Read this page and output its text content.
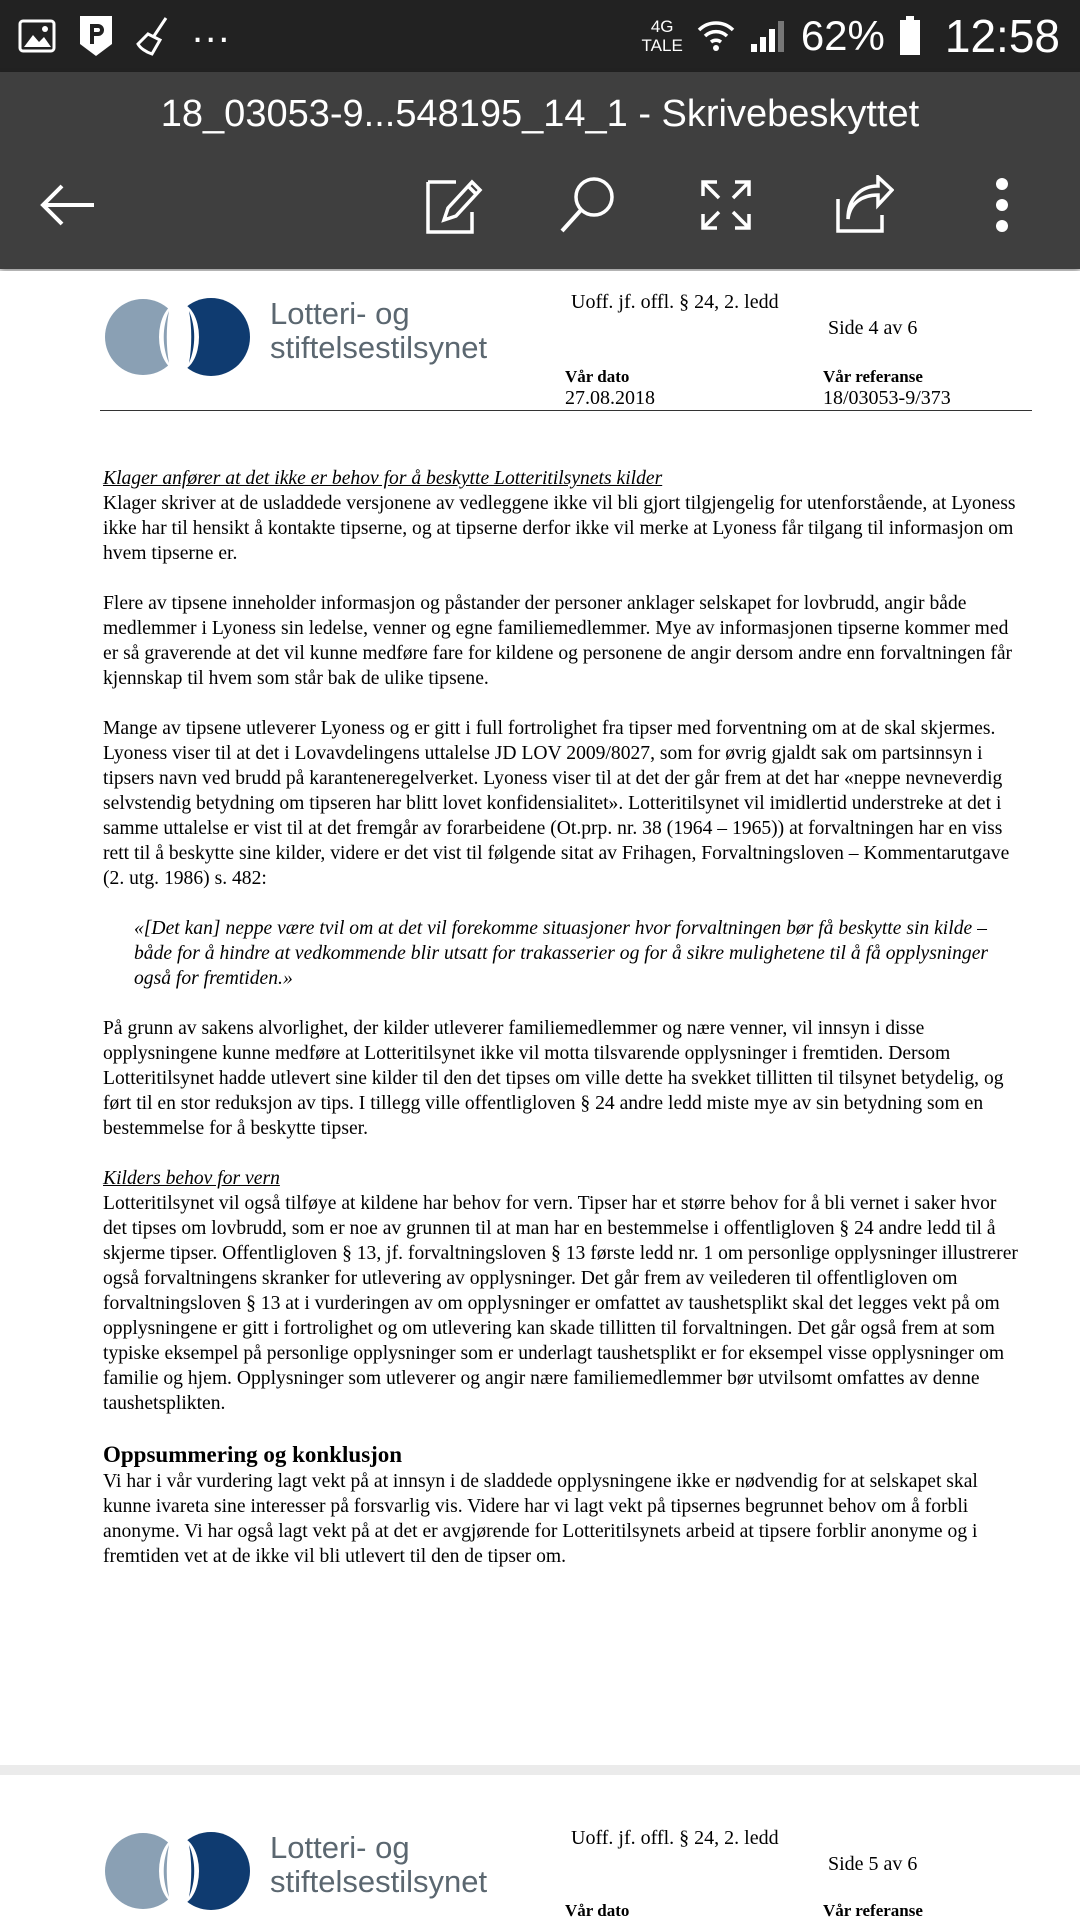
...	4G
TALE	62% 12:58
18_03053-9...548195_14_1 - Skrivebeskyttet
Lotteri- og
stiftelsestilsynet
Uoff. jf. offl. § 24, 2. ledd
Side 4 av 6
Vår dato
27.08.2018
Vår referanse
18/03053-9/373
Klager anfører at det ikke er behov for å beskytte Lotteritilsynets kilder

Klager skriver at de usladdede versjonene av vedleggene ikke vil bli gjort tilgjengelig for utenforstående, at Lyoness ikke har til hensikt å kontakte tipserne, og at tipserne derfor ikke vil merke at Lyoness får tilgang til informasjon om hvem tipserne er.

Flere av tipsene inneholder informasjon og påstander der personer anklager selskapet for lovbrudd, angir både medlemmer i Lyoness sin ledelse, venner og egne familiemedlemmer. Mye av informasjonen tipserne kommer med er så graverende at det vil kunne medføre fare for kildene og personene de angir dersom andre enn forvaltningen får kjennskap til hvem som står bak de ulike tipsene.

Mange av tipsene utleverer Lyoness og er gitt i full fortrolighet fra tipser med forventning om at de skal skjermes. Lyoness viser til at det i Lovavdelingens uttalelse JD LOV 2009/8027, som for øvrig gjaldt sak om partsinnsyn i tipsers navn ved brudd på karanteneregelverket. Lyoness viser til at det der går frem at det har «neppe nevneverdig selvstendig betydning om tipseren har blitt lovet konfidensialitet». Lotteritilsynet vil imidlertid understreke at det i samme uttalelse er vist til at det fremgår av forarbeidene (Ot.prp. nr. 38 (1964 – 1965)) at forvaltningen har en viss rett til å beskytte sine kilder, videre er det vist til følgende sitat av Frihagen, Forvaltningsloven – Kommentarutgave (2. utg. 1986) s. 482:

«[Det kan] neppe være tvil om at det vil forekomme situasjoner hvor forvaltningen bør få beskytte sin kilde – både for å hindre at vedkommende blir utsatt for trakasserier og for å sikre mulighetene til å få opplysninger også for fremtiden.»

På grunn av sakens alvorlighet, der kilder utleverer familiemedlemmer og nære venner, vil innsyn i disse opplysningene kunne medføre at Lotteritilsynet ikke vil motta tilsvarende opplysninger i fremtiden. Dersom Lotteritilsynet hadde utlevert sine kilder til den det tipses om ville dette ha svekket tillitten til tilsynet betydelig, og ført til en stor reduksjon av tips. I tillegg ville offentligloven § 24 andre ledd miste mye av sin betydning som en bestemmelse for å beskytte tipser.

Kilders behov for vern

Lotteritilsynet vil også tilføye at kildene har behov for vern. Tipser har et større behov for å bli vernet i saker hvor det tipses om lovbrudd, som er noe av grunnen til at man har en bestemmelse i offentligloven § 24 andre ledd til å skjerme tipser. Offentligloven § 13, jf. forvaltningsloven § 13 første ledd nr. 1 om personlige opplysninger illustrerer også forvaltningens skranker for utlevering av opplysninger. Det går frem av veilederen til offentligloven om forvaltningsloven § 13 at i vurderingen av om opplysninger er omfattet av taushetsplikt skal det legges vekt på om opplysningene er gitt i fortrolighet og om utlevering kan skade tillitten til forvaltningen. Det går også frem at som typiske eksempel på personlige opplysninger som er underlagt taushetsplikt er for eksempel visse opplysninger om familie og hjem. Opplysninger som utleverer og angir nære familiemedlemmer bør utvilsomt omfattes av denne taushetsplikten.

Oppsummering og konklusjon

Vi har i vår vurdering lagt vekt på at innsyn i de sladdede opplysningene ikke er nødvendig for at selskapet skal kunne ivareta sine interesser på forsvarlig vis. Videre har vi lagt vekt på tipsernes begrunnet behov om å forbli anonyme. Vi har også lagt vekt på at det er avgjørende for Lotteritilsynets arbeid at tipsere forblir anonyme og i fremtiden vet at de ikke vil bli utlevert til den de tipser om.

Lotteri- og
stiftelsestilsynet
Uoff. jf. offl. § 24, 2. ledd
Side 5 av 6
Vår dato	Vår referanse
